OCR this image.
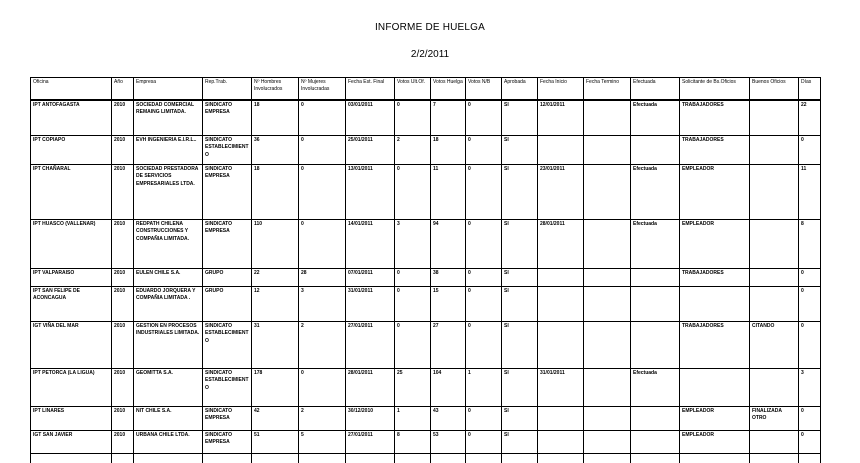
INFORME DE HUELGA
2/2/2011
Oficina	Año	Empresa	Rep.Trab.	Nº Hombres Involucrados	Nº Mujeres Involucradas	Fecha Est. Final	Votos Ult.Of.	Votos Huelga	Votos N/B	Aprobada	Fecha Inicio	Fecha Termino	Efectuada	Solicitante de Bs.Oficios	Buenos Oficios	Días
IPT ANTOFAGASTA	2010	SOCIEDAD COMERCIAL REMAING LIMITADA.	SINDICATO EMPRESA	18	0	03/01/2011	0	7	0	SI	12/01/2011		Efectuada	TRABAJADORES		22
IPT COPIAPO	2010	EVH INGENIERIA E.I.R.L..	SINDICATO ESTABLECIMIENTO	36	0	25/01/2011	2	18	0	SI				TRABAJADORES		0
IPT CHAÑARAL	2010	SOCIEDAD PRESTADORA DE SERVICIOS EMPRESARIALES LTDA.	SINDICATO EMPRESA	18	0	13/01/2011	0	11	0	SI	23/01/2011		Efectuada	EMPLEADOR		11
IPT HUASCO (VALLENAR)	2010	REDPATH CHILENA CONSTRUCCIONES Y COMPAÑIA LIMITADA.	SINDICATO EMPRESA	110	0	14/01/2011	3	94	0	SI	28/01/2011		Efectuada	EMPLEADOR		8
IPT VALPARAISO	2010	EULEN CHILE S.A.	GRUPO	22	28	07/01/2011	0	38	0	SI				TRABAJADORES		0
IPT SAN FELIPE DE ACONCAGUA	2010	EDUARDO JORQUERA Y COMPAÑIA LIMITADA .	GRUPO	12	3	31/01/2011	0	15	0	SI						0
IGT VIÑA DEL MAR	2010	GESTION EN PROCESOS INDUSTRIALES LIMITADA.	SINDICATO ESTABLECIMIENTO	31	2	27/01/2011	0	27	0	SI				TRABAJADORES	CITANDO	0
IPT PETORCA (LA LIGUA)	2010	GEOMITTA S.A.	SINDICATO ESTABLECIMIENTO	178	0	28/01/2011	25	104	1	SI	31/01/2011		Efectuada			3
IPT LINARES	2010	NIT CHILE S.A.	SINDICATO EMPRESA	42	2	30/12/2010	1	43	0	SI				EMPLEADOR	FINALIZADA OTRO	0
IGT SAN JAVIER	2010	URBANA CHILE LTDA.	SINDICATO EMPRESA	51	5	27/01/2011	8	53	0	SI				EMPLEADOR		0
